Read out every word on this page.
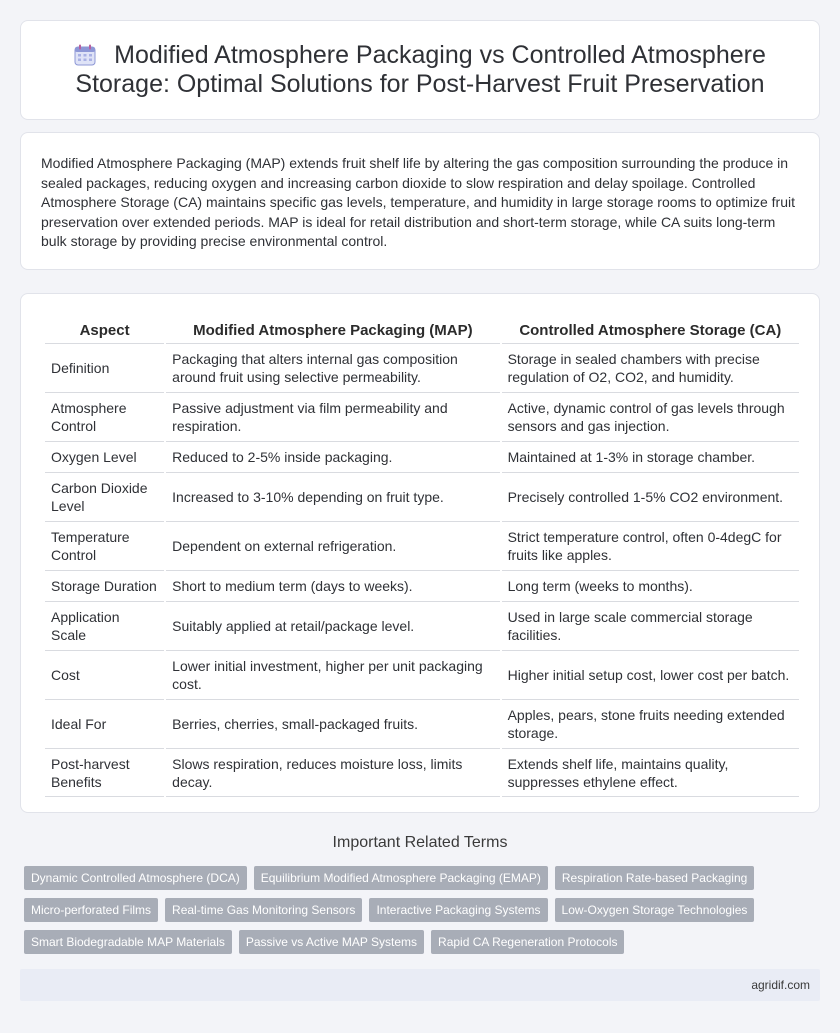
Modified Atmosphere Packaging vs Controlled Atmosphere
Storage: Optimal Solutions for Post-Harvest Fruit Preservation

Modified Atmosphere Packaging (MAP) extends fruit shelf life by altering the gas composition surrounding the produce in sealed packages, reducing oxygen and increasing carbon dioxide to slow respiration and delay spoilage. Controlled Atmosphere Storage (CA) maintains specific gas levels, temperature, and humidity in large storage rooms to optimize fruit preservation over extended periods. MAP is ideal for retail distribution and short-term storage, while CA suits long-term bulk storage by providing precise environmental control.

Aspect	Modified Atmosphere Packaging (MAP)	Controlled Atmosphere Storage (CA)
Definition	Packaging that alters internal gas composition around fruit using selective permeability.	Storage in sealed chambers with precise regulation of O2, CO2, and humidity.
Atmosphere Control	Passive adjustment via film permeability and respiration.	Active, dynamic control of gas levels through sensors and gas injection.
Oxygen Level	Reduced to 2-5% inside packaging.	Maintained at 1-3% in storage chamber.
Carbon Dioxide Level	Increased to 3-10% depending on fruit type.	Precisely controlled 1-5% CO2 environment.
Temperature Control	Dependent on external refrigeration.	Strict temperature control, often 0-4degC for fruits like apples.
Storage Duration	Short to medium term (days to weeks).	Long term (weeks to months).
Application Scale	Suitably applied at retail/package level.	Used in large scale commercial storage facilities.
Cost	Lower initial investment, higher per unit packaging cost.	Higher initial setup cost, lower cost per batch.
Ideal For	Berries, cherries, small-packaged fruits.	Apples, pears, stone fruits needing extended storage.
Post-harvest Benefits	Slows respiration, reduces moisture loss, limits decay.	Extends shelf life, maintains quality, suppresses ethylene effect.
Important Related Terms
Dynamic Controlled Atmosphere (DCA)	Equilibrium Modified Atmosphere Packaging (EMAP)	Respiration Rate-based Packaging
Micro-perforated Films	Real-time Gas Monitoring Sensors	Interactive Packaging Systems	Low-Oxygen Storage Technologies
Smart Biodegradable MAP Materials	Passive vs Active MAP Systems	Rapid CA Regeneration Protocols
agridif.com
